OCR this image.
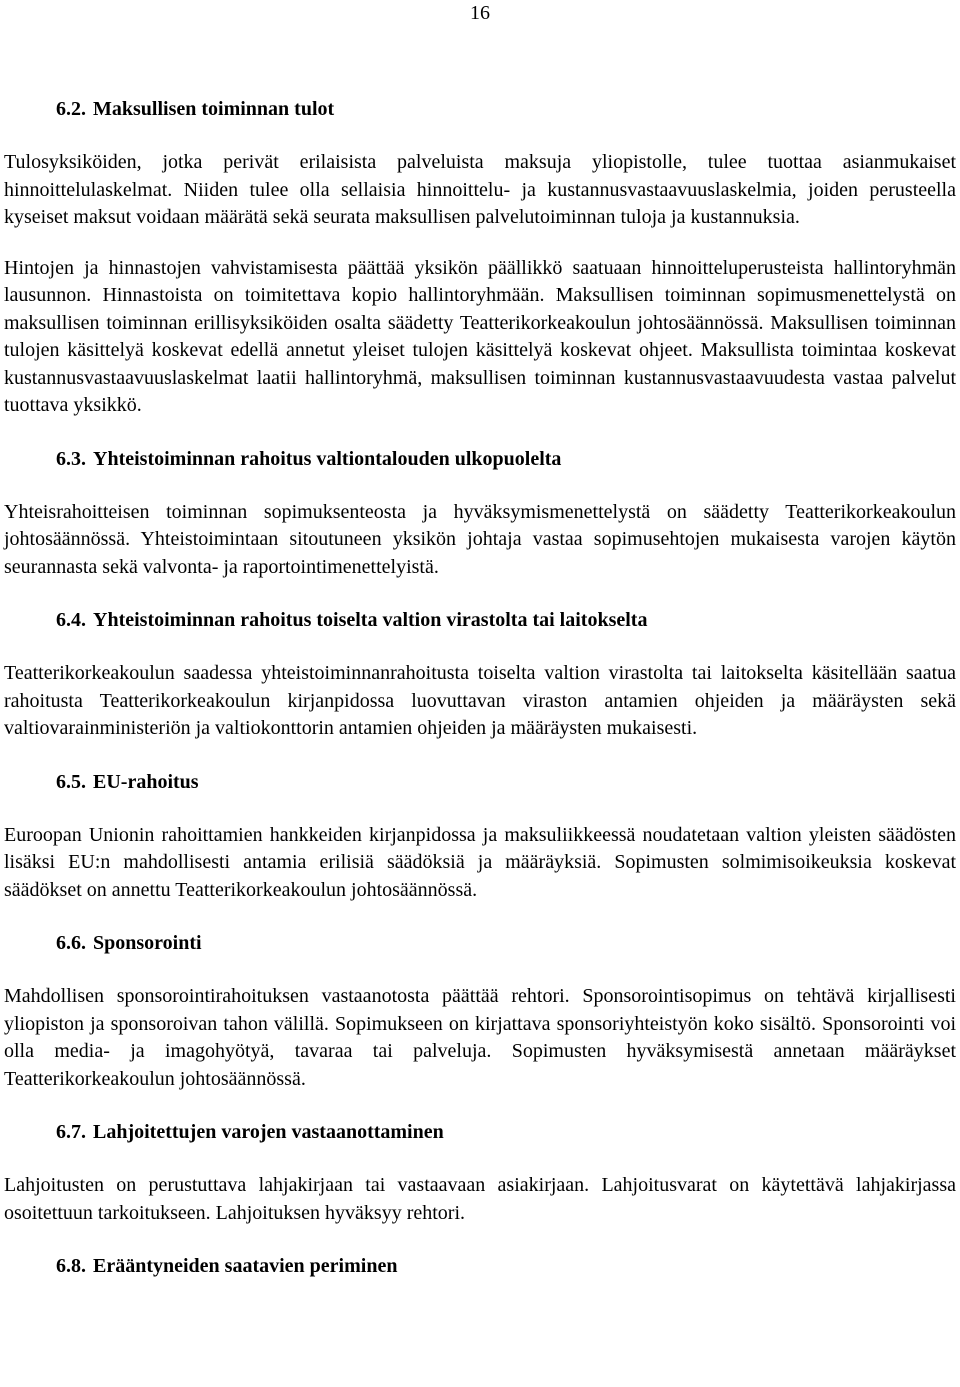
16
6.2. Maksullisen toiminnan tulot

Tulosyksiköiden, jotka perivät erilaisista palveluista maksuja yliopistolle, tulee tuottaa asianmukaiset hinnoittelulaskelmat. Niiden tulee olla sellaisia hinnoittelu- ja kustannusvastaavuuslaskelmia, joiden perusteella kyseiset maksut voidaan määrätä sekä seurata maksullisen palvelutoiminnan tuloja ja kustannuksia.

Hintojen ja hinnastojen vahvistamisesta päättää yksikön päällikkö saatuaan hinnoitteluperusteista hallintoryhmän lausunnon. Hinnastoista on toimitettava kopio hallintoryhmään. Maksullisen toiminnan sopimusmenettelystä on maksullisen toiminnan erillisyksiköiden osalta säädetty Teatterikorkeakoulun johtosäännössä. Maksullisen toiminnan tulojen käsittelyä koskevat edellä annetut yleiset tulojen käsittelyä koskevat ohjeet. Maksullista toimintaa koskevat kustannusvastaavuuslaskelmat laatii hallintoryhmä, maksullisen toiminnan kustannusvastaavuudesta vastaa palvelut tuottava yksikkö.

6.3. Yhteistoiminnan rahoitus valtiontalouden ulkopuolelta

Yhteisrahoitteisen toiminnan sopimuksenteosta ja hyväksymismenettelystä on säädetty Teatterikorkeakoulun johtosäännössä. Yhteistoimintaan sitoutuneen yksikön johtaja vastaa sopimusehtojen mukaisesta varojen käytön seurannasta sekä valvonta- ja raportointimenettelyistä.

6.4. Yhteistoiminnan rahoitus toiselta valtion virastolta tai laitokselta

Teatterikorkeakoulun saadessa yhteistoiminnanrahoitusta toiselta valtion virastolta tai laitokselta käsitellään saatua rahoitusta Teatterikorkeakoulun kirjanpidossa luovuttavan viraston antamien ohjeiden ja määräysten sekä valtiovarainministeriön ja valtiokonttorin antamien ohjeiden ja määräysten mukaisesti.

6.5. EU-rahoitus

Euroopan Unionin rahoittamien hankkeiden kirjanpidossa ja maksuliikkeessä noudatetaan valtion yleisten säädösten lisäksi EU:n mahdollisesti antamia erilisiä säädöksiä ja määräyksiä. Sopimusten solmimisoikeuksia koskevat säädökset on annettu Teatterikorkeakoulun johtosäännössä.

6.6. Sponsorointi

Mahdollisen sponsorointirahoituksen vastaanotosta päättää rehtori. Sponsorointisopimus on tehtävä kirjallisesti yliopiston ja sponsoroivan tahon välillä. Sopimukseen on kirjattava sponsoriyhteistyön koko sisältö. Sponsorointi voi olla media- ja imagohyötyä, tavaraa tai palveluja. Sopimusten hyväksymisestä annetaan määräykset Teatterikorkeakoulun johtosäännössä.

6.7. Lahjoitettujen varojen vastaanottaminen

Lahjoitusten on perustuttava lahjakirjaan tai vastaavaan asiakirjaan. Lahjoitusvarat on käytettävä lahjakirjassa osoitettuun tarkoitukseen. Lahjoituksen hyväksyy rehtori.

6.8. Erääntyneiden saatavien periminen
